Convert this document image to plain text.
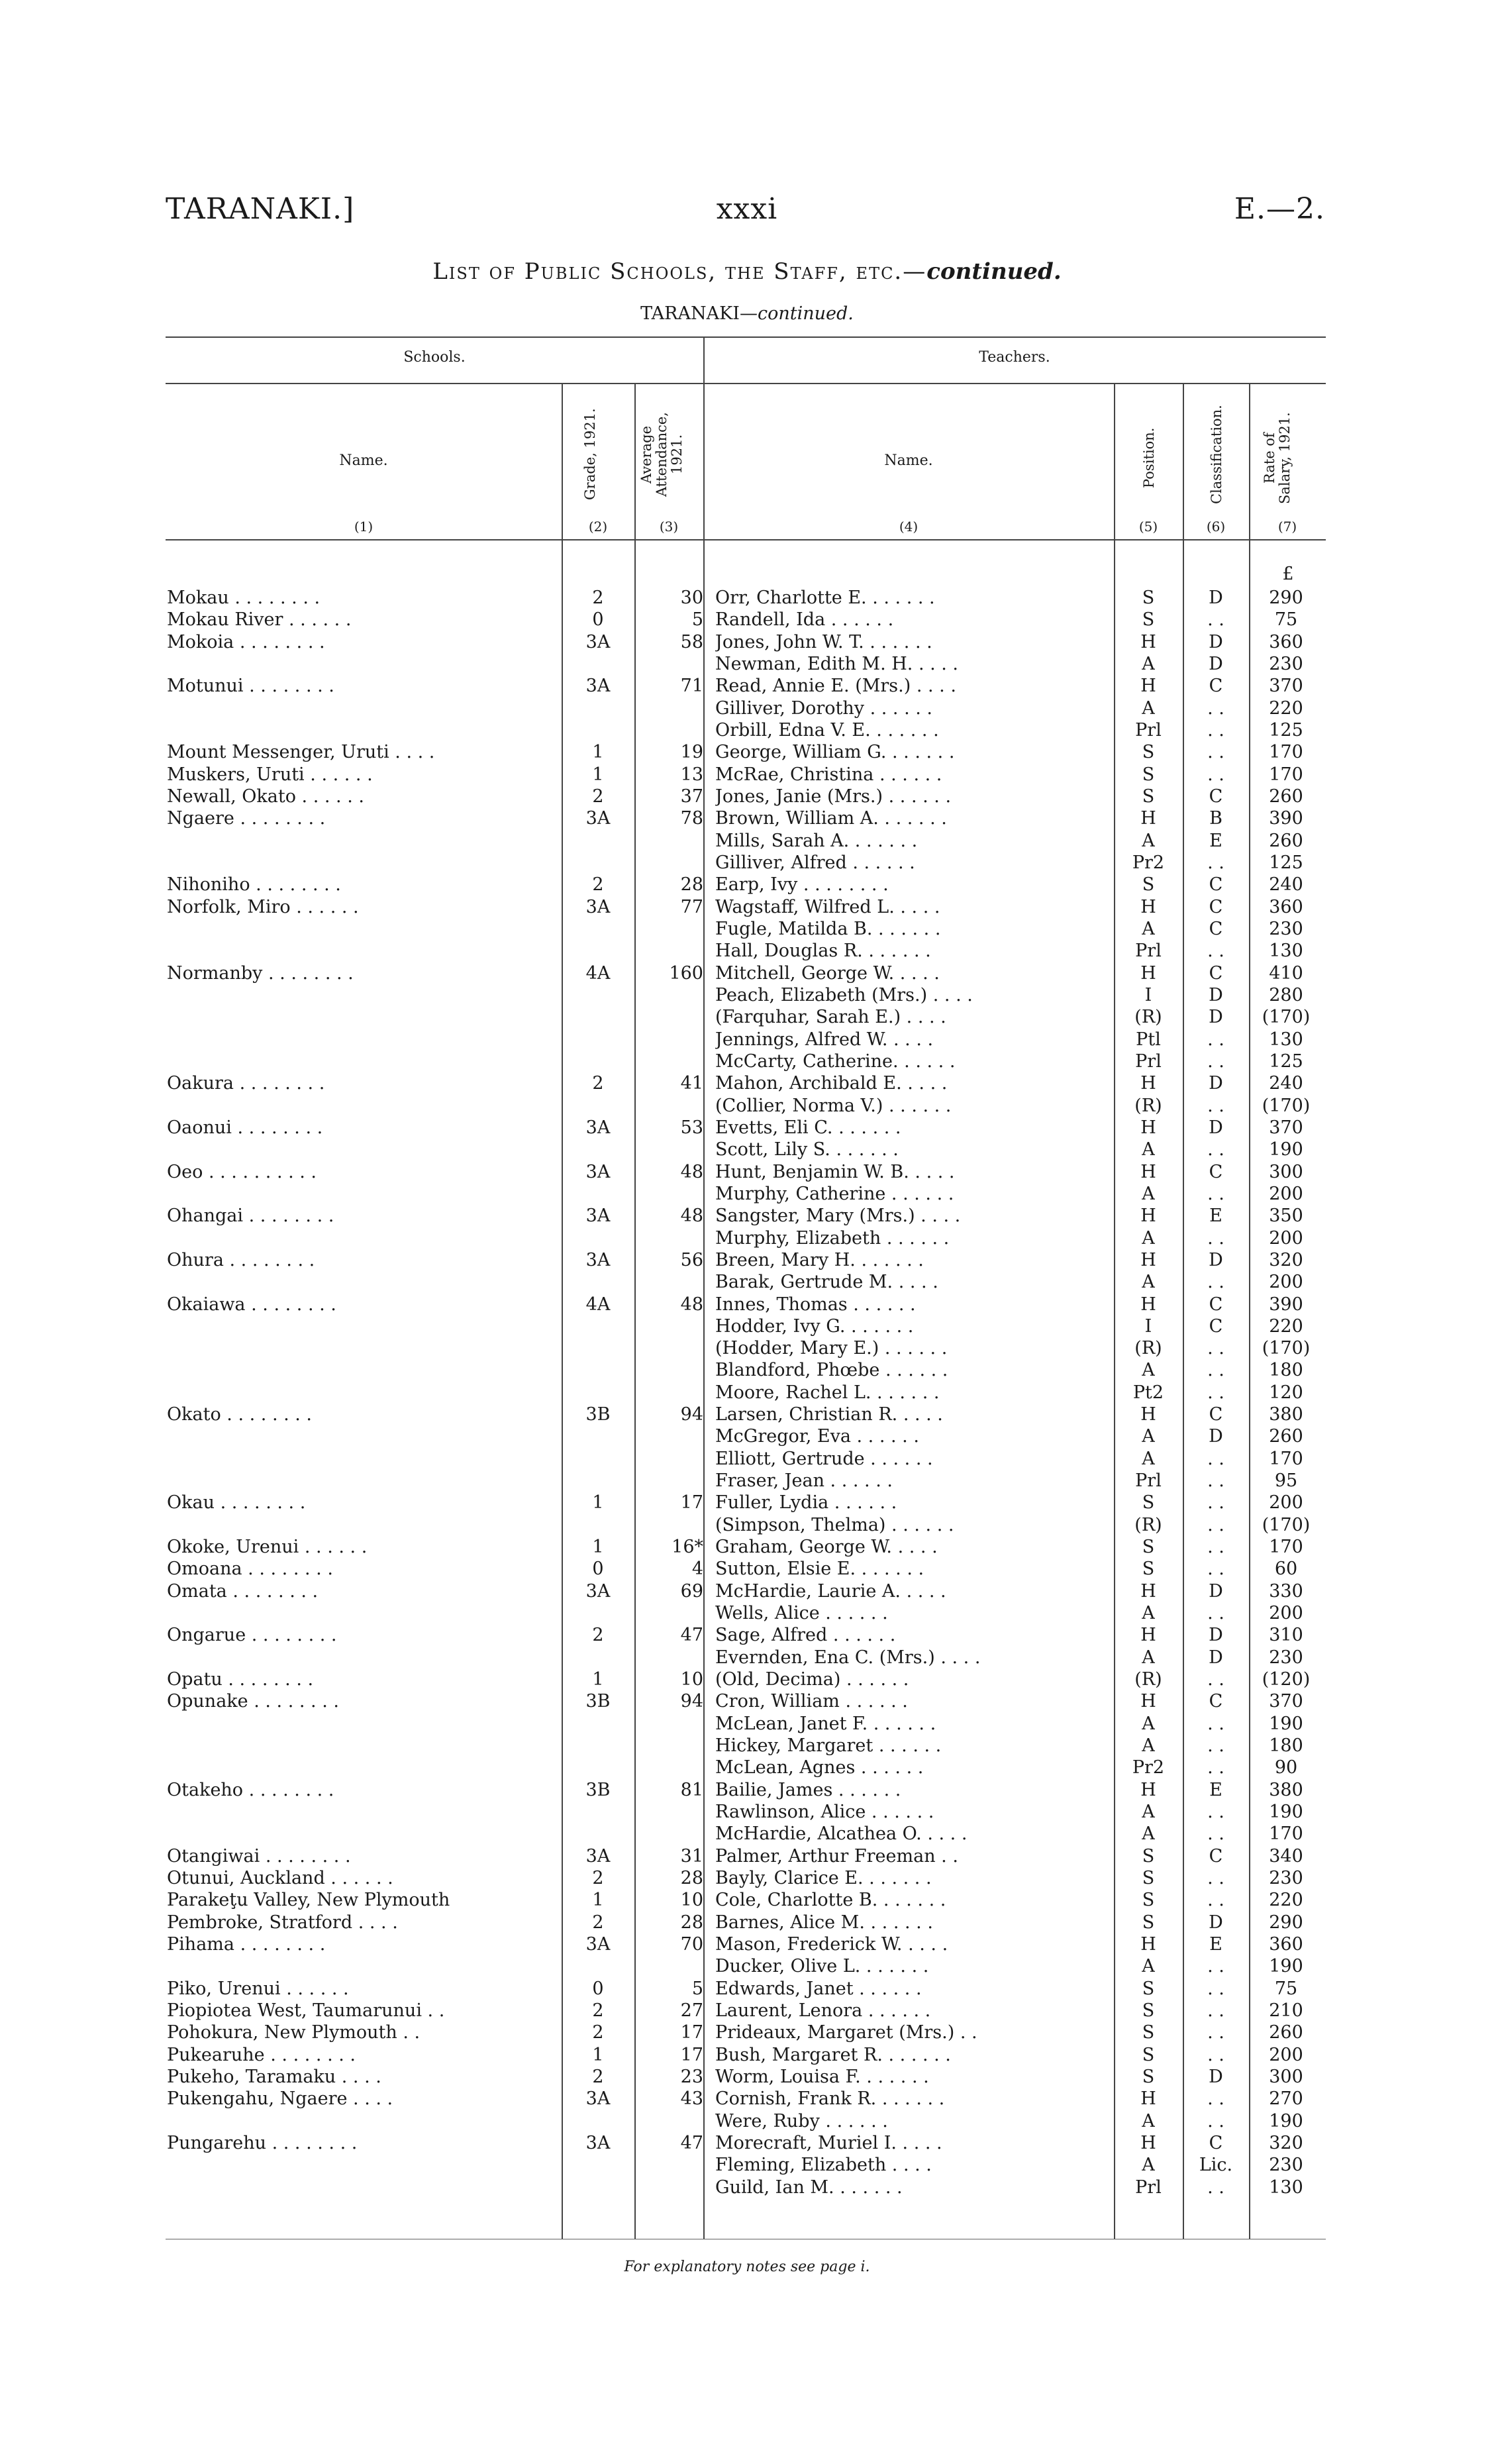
TARANAKI.]	xxxi	E.—2.
List of Public Schools, the Staff, etc.—continued.
TARANAKI—continued.
Schools.	Teachers.
Name.	Grade, 1921.	Average Attendance, 1921.	Name.	Position.	Classification.	Rate of Salary, 1921.
(1)	(2)	(3)	(4)	(5)	(6)	(7)
£
Mokau . . . . . . . .	2	30 Orr, Charlotte E. . . . . . .	S	D	290
Mokau River . . . . . .	0	5 Randell, Ida . . . . . .	S	. .	75
Mokoia . . . . . . . .	3A	58 Jones, John W. T. . . . . . .	H	D	360
Newman, Edith M. H. . . . .	A	D	230
Motunui . . . . . . . .	3A	71 Read, Annie E. (Mrs.) . . . .	H	C	370
Gilliver, Dorothy . . . . . .	A	. .	220
Orbill, Edna V. E. . . . . . .	Prl	. .	125
Mount Messenger, Uruti . . . .	1	19 George, William G. . . . . . .	S	. .	170
Muskers, Uruti . . . . . .	1	13 McRae, Christina . . . . . .	S	. .	170
Newall, Okato . . . . . .	2	37 Jones, Janie (Mrs.) . . . . . .	S	C	260
Ngaere . . . . . . . .	3A	78 Brown, William A. . . . . . .	H	B	390
Mills, Sarah A. . . . . . .	A	E	260
Gilliver, Alfred . . . . . .	Pr2	. .	125
Nihoniho . . . . . . . .	2	28 Earp, Ivy . . . . . . . .	S	C	240
Norfolk, Miro . . . . . .	3A	77 Wagstaff, Wilfred L. . . . .	H	C	360
Fugle, Matilda B. . . . . . .	A	C	230
Hall, Douglas R. . . . . . .	Prl	. .	130
Normanby . . . . . . . .	4A	160 Mitchell, George W. . . . .	H	C	410
Peach, Elizabeth (Mrs.) . . . .	I	D	280
(Farquhar, Sarah E.) . . . .	(R)	D	(170)
Jennings, Alfred W. . . . .	Ptl	. .	130
McCarty, Catherine. . . . . .	Prl	. .	125
Oakura . . . . . . . .	2	41 Mahon, Archibald E. . . . .	H	D	240
(Collier, Norma V.) . . . . . .	(R)	. .	(170)
Oaonui . . . . . . . .	3A	53 Evetts, Eli C. . . . . . .	H	D	370
Scott, Lily S. . . . . . .	A	. .	190
Oeo . . . . . . . . . .	3A	48 Hunt, Benjamin W. B. . . . .	H	C	300
Murphy, Catherine . . . . . .	A	. .	200
Ohangai . . . . . . . .	3A	48 Sangster, Mary (Mrs.) . . . .	H	E	350
Murphy, Elizabeth . . . . . .	A	. .	200
Ohura . . . . . . . .	3A	56 Breen, Mary H. . . . . . .	H	D	320
Barak, Gertrude M. . . . .	A	. .	200
Okaiawa . . . . . . . .	4A	48 Innes, Thomas . . . . . .	H	C	390
Hodder, Ivy G. . . . . . .	I	C	220
(Hodder, Mary E.) . . . . . .	(R)	. .	(170)
Blandford, Phœbe . . . . . .	A	. .	180
Moore, Rachel L. . . . . . .	Pt2	. .	120
Okato . . . . . . . .	3B	94 Larsen, Christian R. . . . .	H	C	380
McGregor, Eva . . . . . .	A	D	260
Elliott, Gertrude . . . . . .	A	. .	170
Fraser, Jean . . . . . .	Prl	. .	95
Okau . . . . . . . .	1	17 Fuller, Lydia . . . . . .	S	. .	200
(Simpson, Thelma) . . . . . .	(R)	. .	(170)
Okoke, Urenui . . . . . .	1	16* Graham, George W. . . . .	S	. .	170
Omoana . . . . . . . .	0	4 Sutton, Elsie E. . . . . . .	S	. .	60
Omata . . . . . . . .	3A	69 McHardie, Laurie A. . . . .	H	D	330
Wells, Alice . . . . . .	A	. .	200
Ongarue . . . . . . . .	2	47 Sage, Alfred . . . . . .	H	D	310
Evernden, Ena C. (Mrs.) . . . .	A	D	230
Opatu . . . . . . . .	1	10 (Old, Decima) . . . . . .	(R)	. .	(120)
Opunake . . . . . . . .	3B	94 Cron, William . . . . . .	H	C	370
McLean, Janet F. . . . . . .	A	. .	190
Hickey, Margaret . . . . . .	A	. .	180
McLean, Agnes . . . . . .	Pr2	. .	90
Otakeho . . . . . . . .	3B	81 Bailie, James . . . . . .	H	E	380
Rawlinson, Alice . . . . . .	A	. .	190
McHardie, Alcathea O. . . . .	A	. .	170
Otangiwai . . . . . . . .	3A	31 Palmer, Arthur Freeman . .	S	C	340
Otunui, Auckland . . . . . .	2	28 Bayly, Clarice E. . . . . . .	S	. .	230
Parakeţu Valley, New Plymouth	1	10 Cole, Charlotte B. . . . . . .	S	. .	220
Pembroke, Stratford . . . .	2	28 Barnes, Alice M. . . . . . .	S	D	290
Pihama . . . . . . . .	3A	70 Mason, Frederick W. . . . .	H	E	360
Ducker, Olive L. . . . . . .	A	. .	190
Piko, Urenui . . . . . .	0	5 Edwards, Janet . . . . . .	S	. .	75
Piopiotea West, Taumarunui . .	2	27 Laurent, Lenora . . . . . .	S	. .	210
Pohokura, New Plymouth . .	2	17 Prideaux, Margaret (Mrs.) . .	S	. .	260
Pukearuhe . . . . . . . .	1	17 Bush, Margaret R. . . . . . .	S	. .	200
Pukeho, Taramaku . . . .	2	23 Worm, Louisa F. . . . . . .	S	D	300
Pukengahu, Ngaere . . . .	3A	43 Cornish, Frank R. . . . . . .	H	. .	270
Were, Ruby . . . . . .	A	. .	190
Pungarehu . . . . . . . .	3A	47 Morecraft, Muriel I. . . . .	H	C	320
Fleming, Elizabeth . . . .	A	Lic.	230
Guild, Ian M. . . . . . .	Prl	. .	130
For explanatory notes see page i.
